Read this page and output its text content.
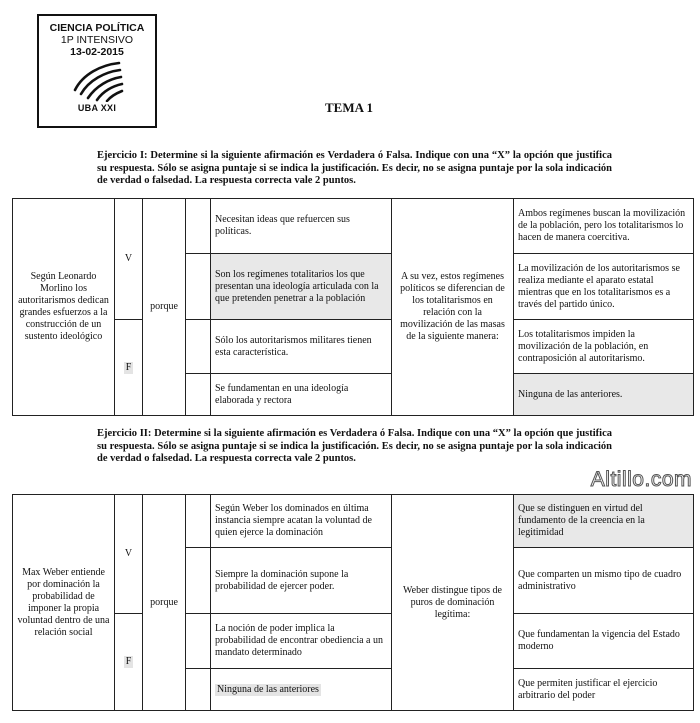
CIENCIA POLÍTICA
1P INTENSIVO
13-02-2015
UBA XXI	TEMA 1
Ejercicio I: Determine si la siguiente afirmación es Verdadera ó Falsa. Indique con una “X” la opción que justifica su respuesta. Sólo se asigna puntaje si se indica la justificación. Es decir, no se asigna puntaje por la sola indicación de verdad o falsedad. La respuesta correcta vale 2 puntos.
Según Leonardo Morlino los autoritarismos dedican grandes esfuerzos a la construcción de un sustento ideológico	V	porque		Necesitan ideas que refuercen sus políticas.	A su vez, estos regímenes políticos se diferencian de los totalitarismos en relación con la movilización de las masas de la siguiente manera:	Ambos regímenes buscan la movilización de la población, pero los totalitarismos lo hacen de manera coercitiva.
				Son los regímenes totalitarios los que presentan una ideología articulada con la que pretenden penetrar a la población		La movilización de los autoritarismos se realiza mediante el aparato estatal mientras que en los totalitarismos es a través del partido único.
	F			Sólo los autoritarismos militares tienen esta característica.		Los totalitarismos impiden la movilización de la población, en contraposición al autoritarismo.
				Se fundamentan en una ideología elaborada y rectora		Ninguna de las anteriores.
Ejercicio II: Determine si la siguiente afirmación es Verdadera ó Falsa. Indique con una “X” la opción que justifica su respuesta. Sólo se asigna puntaje si se indica la justificación. Es decir, no se asigna puntaje por la sola indicación de verdad o falsedad. La respuesta correcta vale 2 puntos.
Altillo.com
Max Weber entiende por dominación la probabilidad de imponer la propia voluntad dentro de una relación social	V	porque		Según Weber los dominados en última instancia siempre acatan la voluntad de quien ejerce la dominación	Weber distingue tipos de puros de dominación legítima:	Que se distinguen en virtud del fundamento de la creencia en la legitimidad
				Siempre la dominación supone la probabilidad de ejercer poder.		Que comparten un mismo tipo de cuadro administrativo
	F			La noción de poder implica la probabilidad de encontrar obediencia a un mandato determinado		Que fundamentan la vigencia del Estado moderno
				Ninguna de las anteriores		Que permiten justificar el ejercicio arbitrario del poder
